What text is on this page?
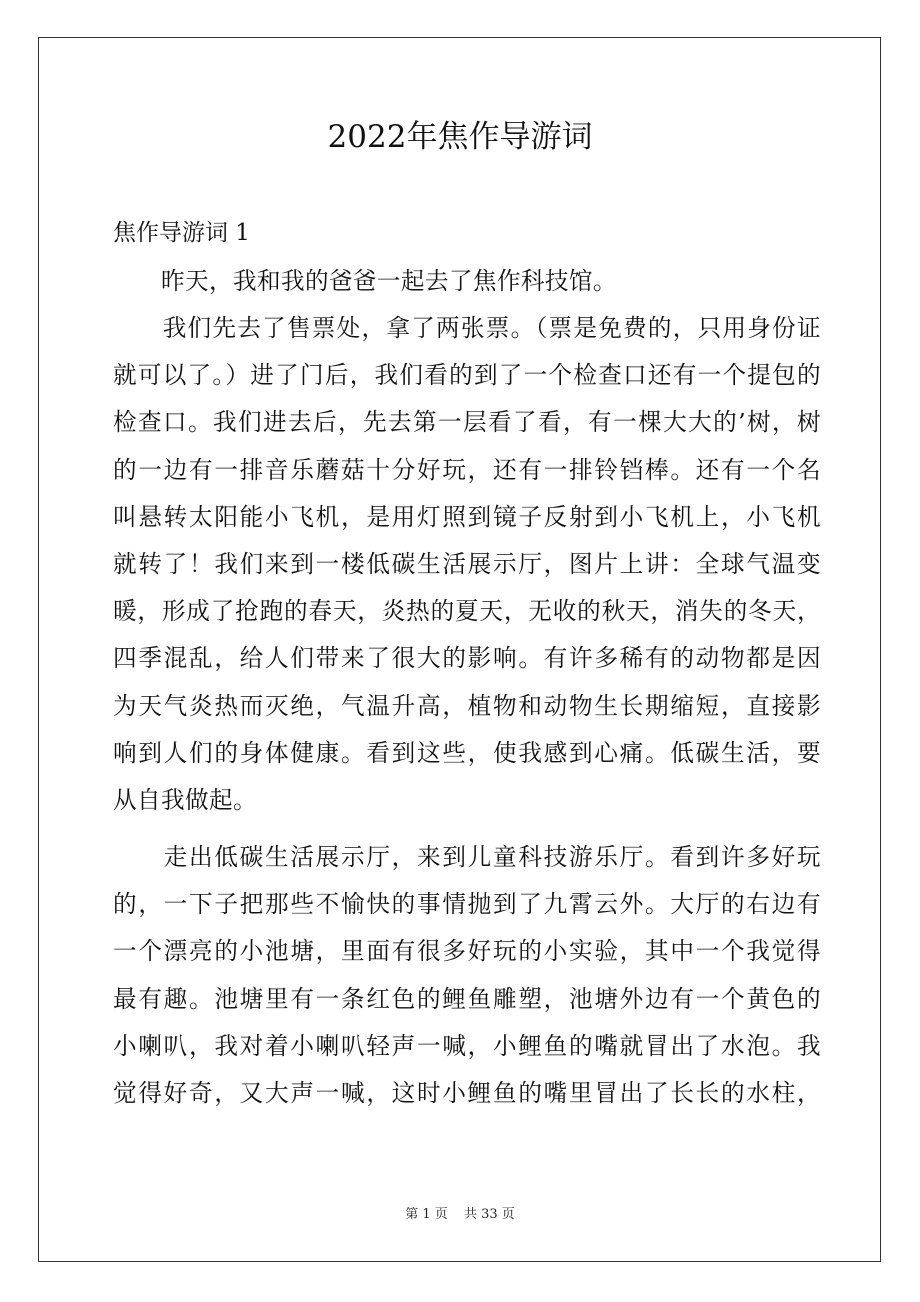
2022年焦作导游词
焦作导游词 1
　　昨天，我和我的爸爸一起去了焦作科技馆。
　　我们先去了售票处，拿了两张票。（票是免费的，只用身份证
就可以了。）进了门后，我们看的到了一个检查口还有一个提包的
检查口。我们进去后，先去第一层看了看，有一棵大大的’树，树
的一边有一排音乐蘑菇十分好玩，还有一排铃铛棒。还有一个名
叫悬转太阳能小飞机，是用灯照到镜子反射到小飞机上，小飞机
就转了！我们来到一楼低碳生活展示厅，图片上讲：全球气温变
暖，形成了抢跑的春天，炎热的夏天，无收的秋天，消失的冬天，
四季混乱，给人们带来了很大的影响。有许多稀有的动物都是因
为天气炎热而灭绝，气温升高，植物和动物生长期缩短，直接影
响到人们的身体健康。看到这些，使我感到心痛。低碳生活，要
从自我做起。
　　走出低碳生活展示厅，来到儿童科技游乐厅。看到许多好玩
的，一下子把那些不愉快的事情抛到了九霄云外。大厅的右边有
一个漂亮的小池塘，里面有很多好玩的小实验，其中一个我觉得
最有趣。池塘里有一条红色的鲤鱼雕塑，池塘外边有一个黄色的
小喇叭，我对着小喇叭轻声一喊，小鲤鱼的嘴就冒出了水泡。我
觉得好奇，又大声一喊，这时小鲤鱼的嘴里冒出了长长的水柱，
第 1 页 共 33 页
